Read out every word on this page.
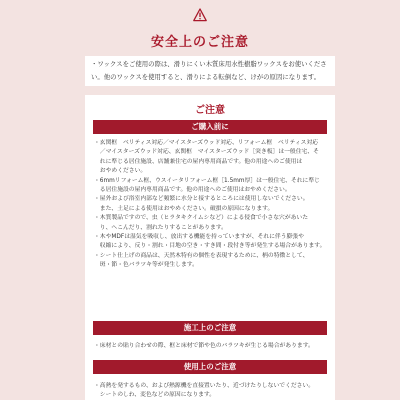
安全上のご注意

・ワックスをご使用の際は、滑りにくい木質床用水性樹脂ワックスをお使いくださ

い。他のワックスを使用すると、滑りによる転倒など、けがの原因になります。

ご注意
ご購入前に
・玄関框　ベリティス対応／マイスターズウッド対応、リフォーム框　ベリティス対応
　／マイスターズウッド対応、玄関框　マイスターズウッド［突き板］は一般住宅、そ
　れに準じる居住施設、店舗兼住宅の屋内専用商品です。他の用途へのご使用は
　おやめください。
・6mmリフォーム框、ウスイータリフォーム框［1.5mm厚］は一般住宅、それに準じ
　る居住施設の屋内専用商品です。他の用途へのご使用はおやめください。
・屋外および浴室内部など頻繁に水分と接するところには使用しないでください。
　また、土足による使用はおやめください。破損の原因になります。
・木質製品ですので、虫（ヒラタキクイムシなど）による侵食で小さな穴があいた
　り、へこんだり、割れたりすることがあります。
・木やMDFは湿気を吸収し、放出する機能を持っていますが、それに伴う膨張や
　収縮により、反り・割れ・目地の空き・すき間・段付き等が発生する場合があります。
・シート仕上げの商品は、天然木特有の個性を表現するために、柄の特徴として、
　斑・節・色バラツキ等が発生します。
施工上のご注意
・床材との貼り合わせの際、框と床材で節や色のバラツキが生じる場合があります。
使用上のご注意
・高熱を発するもの、および熱源機を直接置いたり、近づけたりしないでください。
　シートのしわ、変色などの原因になります。
